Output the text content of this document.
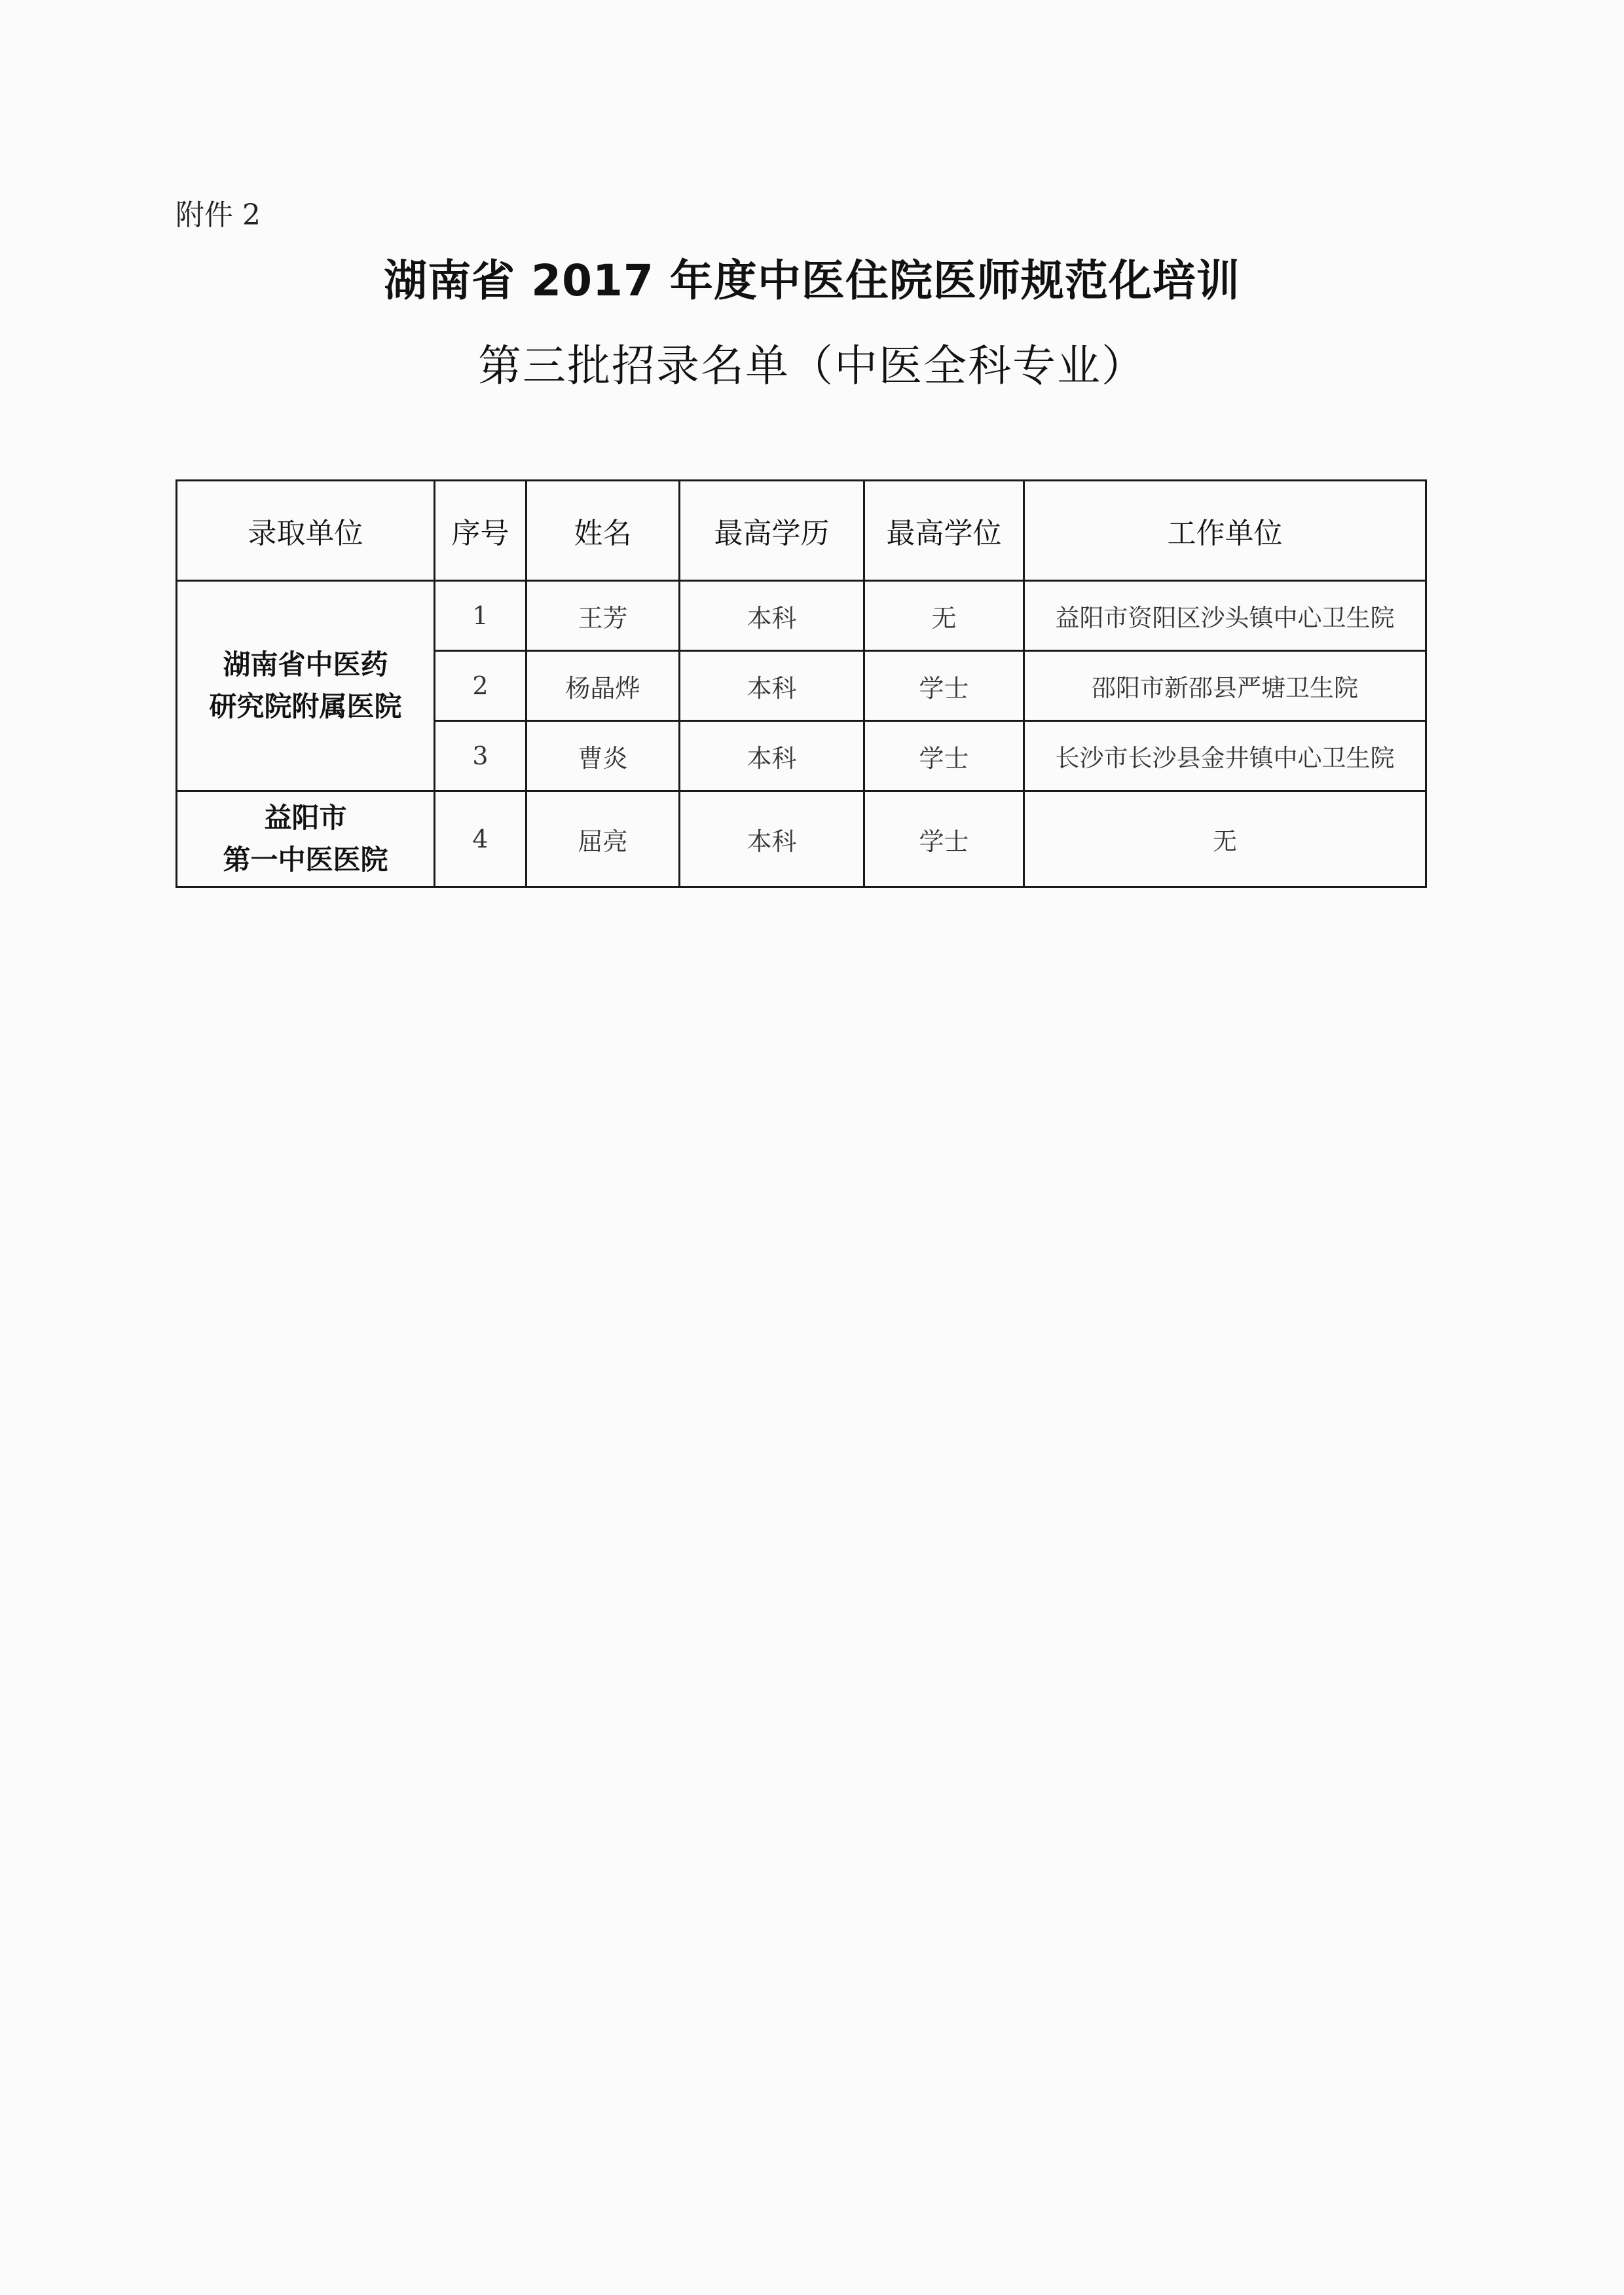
附件 2
湖南省 2017 年度中医住院医师规范化培训
第三批招录名单（中医全科专业）
录取单位	序号	姓名	最高学历	最高学位	工作单位

湖南省中医药
研究院附属医院	1	王芳	本科	无	益阳市资阳区沙头镇中心卫生院
	2	杨晶烨	本科	学士	邵阳市新邵县严塘卫生院
	3	曹炎	本科	学士	长沙市长沙县金井镇中心卫生院

益阳市
第一中医医院	4	屈亮	本科	学士	无
